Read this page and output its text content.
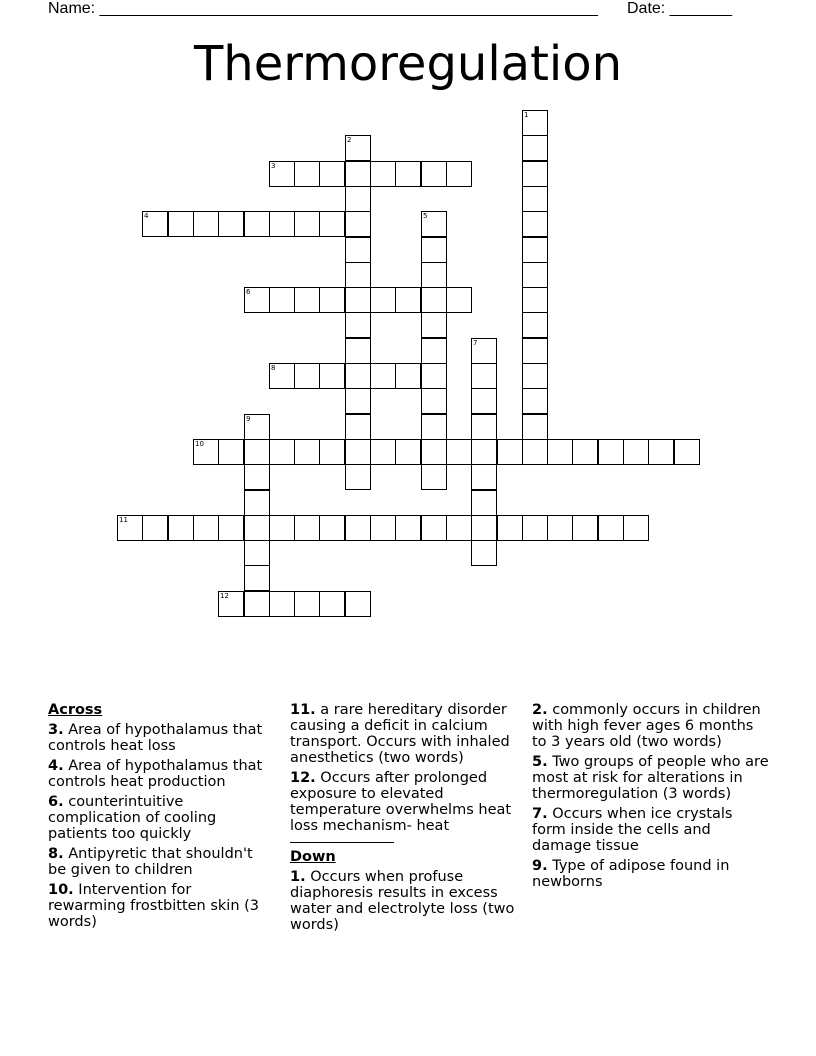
Name: ________________________________________________________ Date: _______
Thermoregulation
1
2
3
4	5
6
7
8
9
10
11
12
Across
3. Area of hypothalamus that controls heat loss
4. Area of hypothalamus that controls heat production
6. counterintuitive complication of cooling patients too quickly
8. Antipyretic that shouldn't be given to children
10. Intervention for rewarming frostbitten skin (3 words)
11. a rare hereditary disorder causing a deficit in calcium transport. Occurs with inhaled anesthetics (two words)
12. Occurs after prolonged exposure to elevated temperature overwhelms heat loss mechanism- heat
Down
1. Occurs when profuse diaphoresis results in excess water and electrolyte loss (two words)
2. commonly occurs in children with high fever ages 6 months to 3 years old (two words)
5. Two groups of people who are most at risk for alterations in thermoregulation (3 words)
7. Occurs when ice crystals form inside the cells and damage tissue
9. Type of adipose found in newborns
